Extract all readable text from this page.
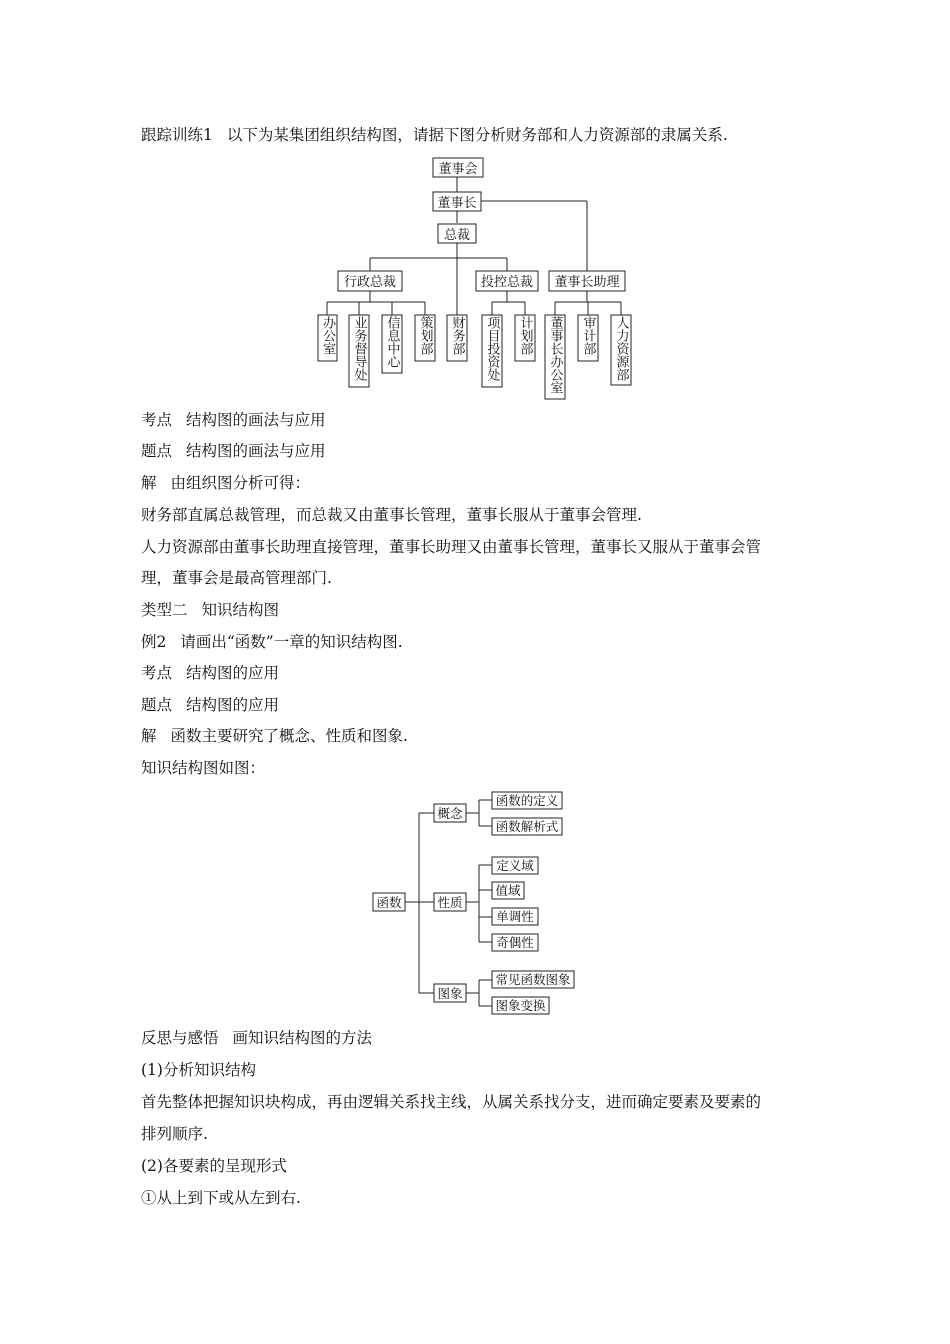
跟踪训练1 以下为某集团组织结构图，请据下图分析财务部和人力资源部的隶属关系.
董事会
董事长
总裁
行政总裁	投控总裁 董事长助理
办公室 业务督导处 信息中心 策划部 财务部 项目投资处 计划部 董事长办公室 审计部 人力资源部
考点 结构图的画法与应用
题点 结构图的画法与应用
解 由组织图分析可得：
财务部直属总裁管理，而总裁又由董事长管理，董事长服从于董事会管理.
人力资源部由董事长助理直接管理，董事长助理又由董事长管理，董事长又服从于董事会管
理，董事会是最高管理部门.
类型二 知识结构图
例2 请画出“函数”一章的知识结构图.
考点 结构图的应用
题点 结构图的应用
解 函数主要研究了概念、性质和图象.
知识结构图如图：
函数
概念
性质
图象
函数的定义
函数解析式
定义域
值域
单调性
奇偶性
常见函数图象
图象变换
反思与感悟 画知识结构图的方法
(1)分析知识结构
首先整体把握知识块构成，再由逻辑关系找主线，从属关系找分支，进而确定要素及要素的
排列顺序.
(2)各要素的呈现形式
①从上到下或从左到右.
